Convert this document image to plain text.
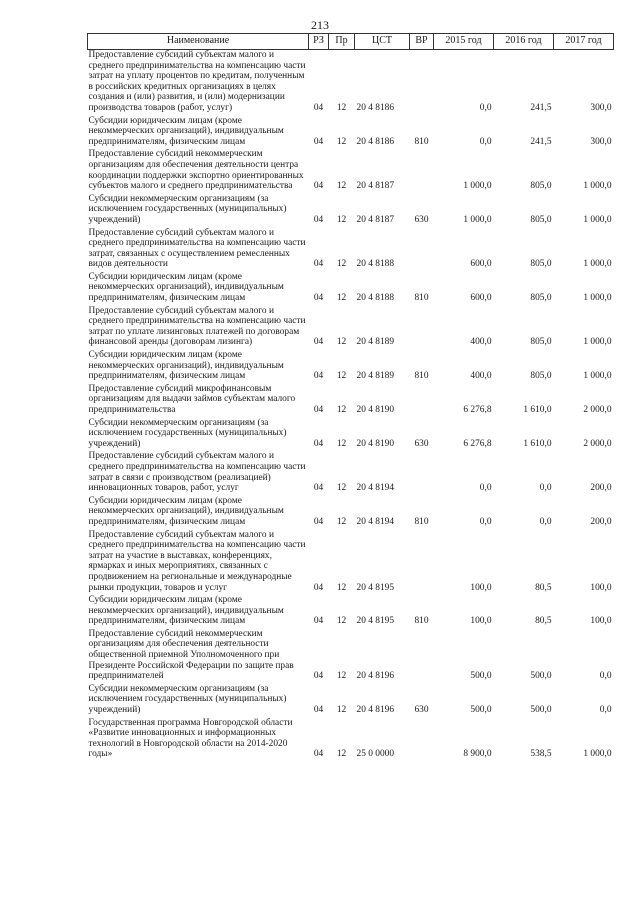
213
Наименование	РЗ	Пр	ЦСТ	ВР	2015 год	2016 год	2017 год
Предоставление субсидий субъектам малого и среднего предпринимательства на компенсацию части затрат на уплату процентов по кредитам, полученным в российских кредитных организациях в целях создания и (или) развития, и (или) модернизации производства товаров (работ, услуг)	04	12	20 4 8186		0,0	241,5	300,0
Субсидии юридическим лицам (кроме некоммерческих организаций), индивидуальным предпринимателям, физическим лицам	04	12	20 4 8186	810	0,0	241,5	300,0
Предоставление субсидий некоммерческим организациям для обеспечения деятельности центра координации поддержки экспортно ориентированных субъектов малого и среднего предпринимательства	04	12	20 4 8187		1 000,0	805,0	1 000,0
Субсидии некоммерческим организациям (за исключением государственных (муниципальных) учреждений)	04	12	20 4 8187	630	1 000,0	805,0	1 000,0
Предоставление субсидий субъектам малого и среднего предпринимательства на компенсацию части затрат, связанных с осуществлением ремесленных видов деятельности	04	12	20 4 8188		600,0	805,0	1 000,0
Субсидии юридическим лицам (кроме некоммерческих организаций), индивидуальным предпринимателям, физическим лицам	04	12	20 4 8188	810	600,0	805,0	1 000,0
Предоставление субсидий субъектам малого и среднего предпринимательства на компенсацию части затрат по уплате лизинговых платежей по договорам финансовой аренды (договорам лизинга)	04	12	20 4 8189		400,0	805,0	1 000,0
Субсидии юридическим лицам (кроме некоммерческих организаций), индивидуальным предпринимателям, физическим лицам	04	12	20 4 8189	810	400,0	805,0	1 000,0
Предоставление субсидий микрофинансовым организациям для выдачи займов субъектам малого предпринимательства	04	12	20 4 8190		6 276,8	1 610,0	2 000,0
Субсидии некоммерческим организациям (за исключением государственных (муниципальных) учреждений)	04	12	20 4 8190	630	6 276,8	1 610,0	2 000,0
Предоставление субсидий субъектам малого и среднего предпринимательства на компенсацию части затрат в связи с производством (реализацией) инновационных товаров, работ, услуг	04	12	20 4 8194		0,0	0,0	200,0
Субсидии юридическим лицам (кроме некоммерческих организаций), индивидуальным предпринимателям, физическим лицам	04	12	20 4 8194	810	0,0	0,0	200,0
Предоставление субсидий субъектам малого и среднего предпринимательства на компенсацию части затрат на участие в выставках, конференциях, ярмарках и иных мероприятиях, связанных с продвижением на региональные и международные рынки продукции, товаров и услуг	04	12	20 4 8195		100,0	80,5	100,0
Субсидии юридическим лицам (кроме некоммерческих организаций), индивидуальным предпринимателям, физическим лицам	04	12	20 4 8195	810	100,0	80,5	100,0
Предоставление субсидий некоммерческим организациям для обеспечения деятельности общественной приемной Уполномоченного при Президенте Российской Федерации по защите прав предпринимателей	04	12	20 4 8196		500,0	500,0	0,0
Субсидии некоммерческим организациям (за исключением государственных (муниципальных) учреждений)	04	12	20 4 8196	630	500,0	500,0	0,0
Государственная программа Новгородской области «Развитие инновационных и информационных технологий в Новгородской области на 2014-2020 годы»	04	12	25 0 0000		8 900,0	538,5	1 000,0
